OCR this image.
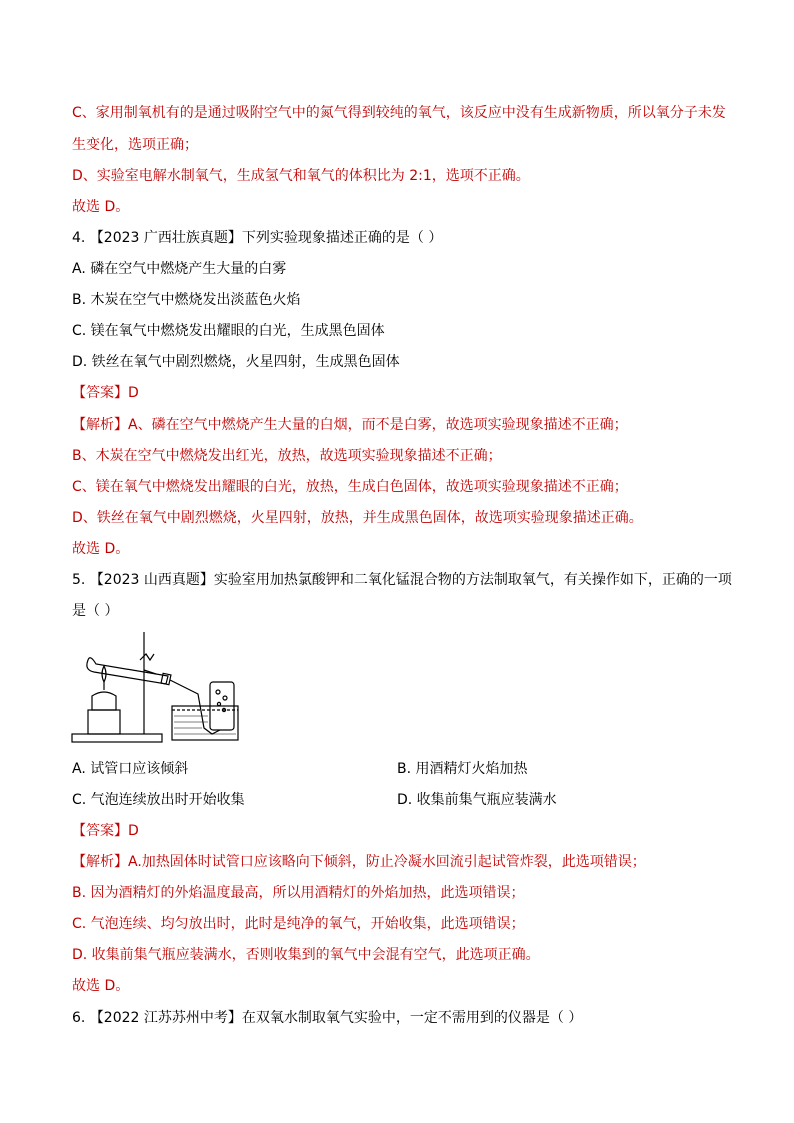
C、家用制氧机有的是通过吸附空气中的氮气得到较纯的氧气，该反应中没有生成新物质，所以氧分子未发
生变化，选项正确；
D、实验室电解水制氧气，生成氢气和氧气的体积比为 2:1，选项不正确。
故选 D。
4. 【2023 广西壮族真题】下列实验现象描述正确的是（ ）
A. 磷在空气中燃烧产生大量的白雾
B. 木炭在空气中燃烧发出淡蓝色火焰
C. 镁在氧气中燃烧发出耀眼的白光，生成黑色固体
D. 铁丝在氧气中剧烈燃烧，火星四射，生成黑色固体
【答案】D
【解析】A、磷在空气中燃烧产生大量的白烟，而不是白雾，故选项实验现象描述不正确；
B、木炭在空气中燃烧发出红光，放热，故选项实验现象描述不正确；
C、镁在氧气中燃烧发出耀眼的白光，放热，生成白色固体，故选项实验现象描述不正确；
D、铁丝在氧气中剧烈燃烧，火星四射，放热，并生成黑色固体，故选项实验现象描述正确。
故选 D。
5. 【2023 山西真题】实验室用加热氯酸钾和二氧化锰混合物的方法制取氧气，有关操作如下，正确的一项
是（ ）
A. 试管口应该倾斜	B. 用酒精灯火焰加热
C. 气泡连续放出时开始收集	D. 收集前集气瓶应装满水
【答案】D
【解析】A.加热固体时试管口应该略向下倾斜，防止冷凝水回流引起试管炸裂，此选项错误；
B. 因为酒精灯的外焰温度最高，所以用酒精灯的外焰加热，此选项错误；
C. 气泡连续、均匀放出时，此时是纯净的氧气，开始收集，此选项错误；
D. 收集前集气瓶应装满水，否则收集到的氧气中会混有空气，此选项正确。
故选 D。
6. 【2022 江苏苏州中考】在双氧水制取氧气实验中，一定不需用到的仪器是（ ）
